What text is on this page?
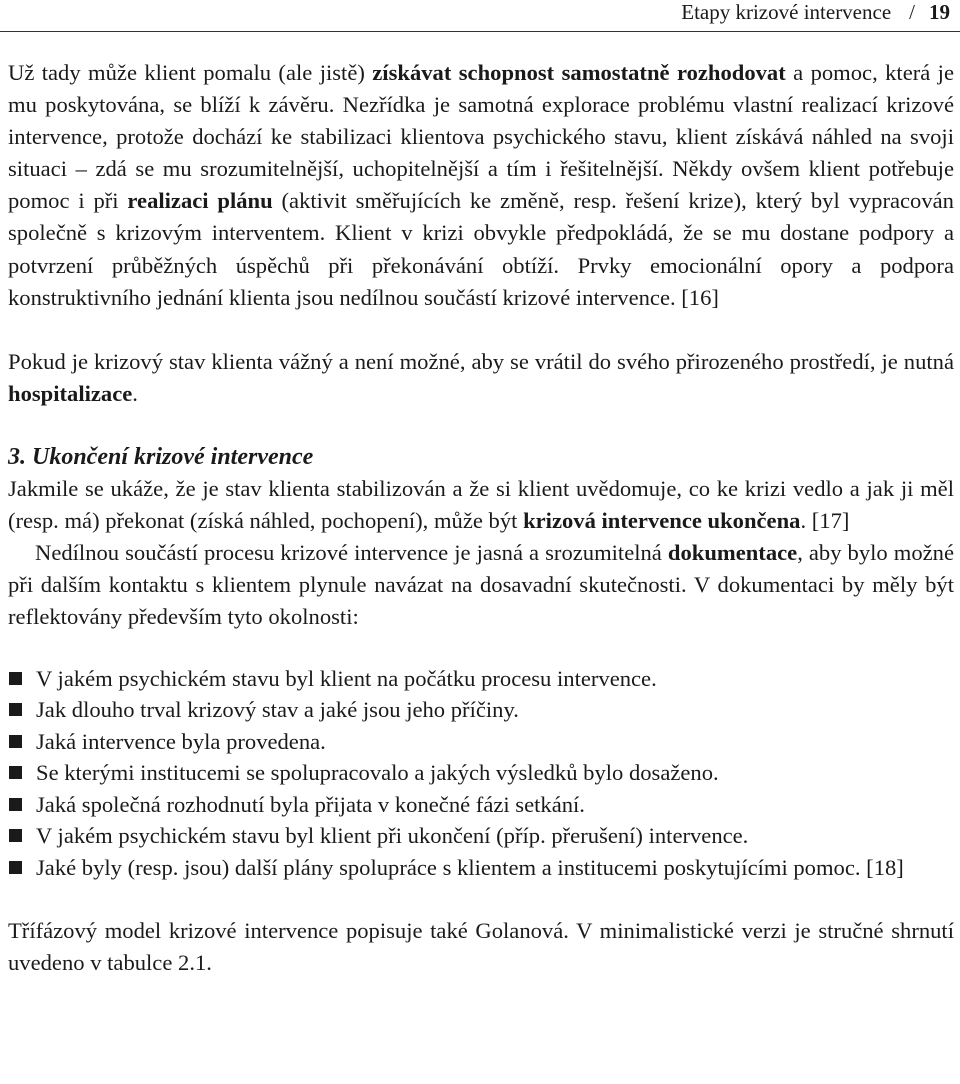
Etapy krizové intervence / 19

Už tady může klient pomalu (ale jistě) získávat schopnost samostatně rozhodovat a pomoc, která je mu poskytována, se blíží k závěru. Nezřídka je samotná explorace problému vlastní realizací krizové intervence, protože dochází ke stabilizaci klientova psychického stavu, klient získává náhled na svoji situaci – zdá se mu srozumitelnější, uchopitelnější a tím i řešitelnější. Někdy ovšem klient potřebuje pomoc i při realizaci plánu (aktivit směřujících ke změně, resp. řešení krize), který byl vypracován společně s krizovým interventem. Klient v krizi obvykle předpokládá, že se mu dostane podpory a potvrzení průběžných úspěchů při překonávání obtíží. Prvky emocionální opory a podpora konstruktivního jednání klienta jsou nedílnou součástí krizové intervence. [16]

Pokud je krizový stav klienta vážný a není možné, aby se vrátil do svého přirozeného prostředí, je nutná hospitalizace.

3. Ukončení krizové intervence

Jakmile se ukáže, že je stav klienta stabilizován a že si klient uvědomuje, co ke krizi vedlo a jak ji měl (resp. má) překonat (získá náhled, pochopení), může být krizová intervence ukončena. [17]

Nedílnou součástí procesu krizové intervence je jasná a srozumitelná dokumentace, aby bylo možné při dalším kontaktu s klientem plynule navázat na dosavadní skutečnosti. V dokumentaci by měly být reflektovány především tyto okolnosti:

V jakém psychickém stavu byl klient na počátku procesu intervence.
Jak dlouho trval krizový stav a jaké jsou jeho příčiny.
Jaká intervence byla provedena.
Se kterými institucemi se spolupracovalo a jakých výsledků bylo dosaženo.
Jaká společná rozhodnutí byla přijata v konečné fázi setkání.
V jakém psychickém stavu byl klient při ukončení (příp. přerušení) intervence.
Jaké byly (resp. jsou) další plány spolupráce s klientem a institucemi poskytujícími pomoc. [18]

Třífázový model krizové intervence popisuje také Golanová. V minimalistické verzi je stručné shrnutí uvedeno v tabulce 2.1.
